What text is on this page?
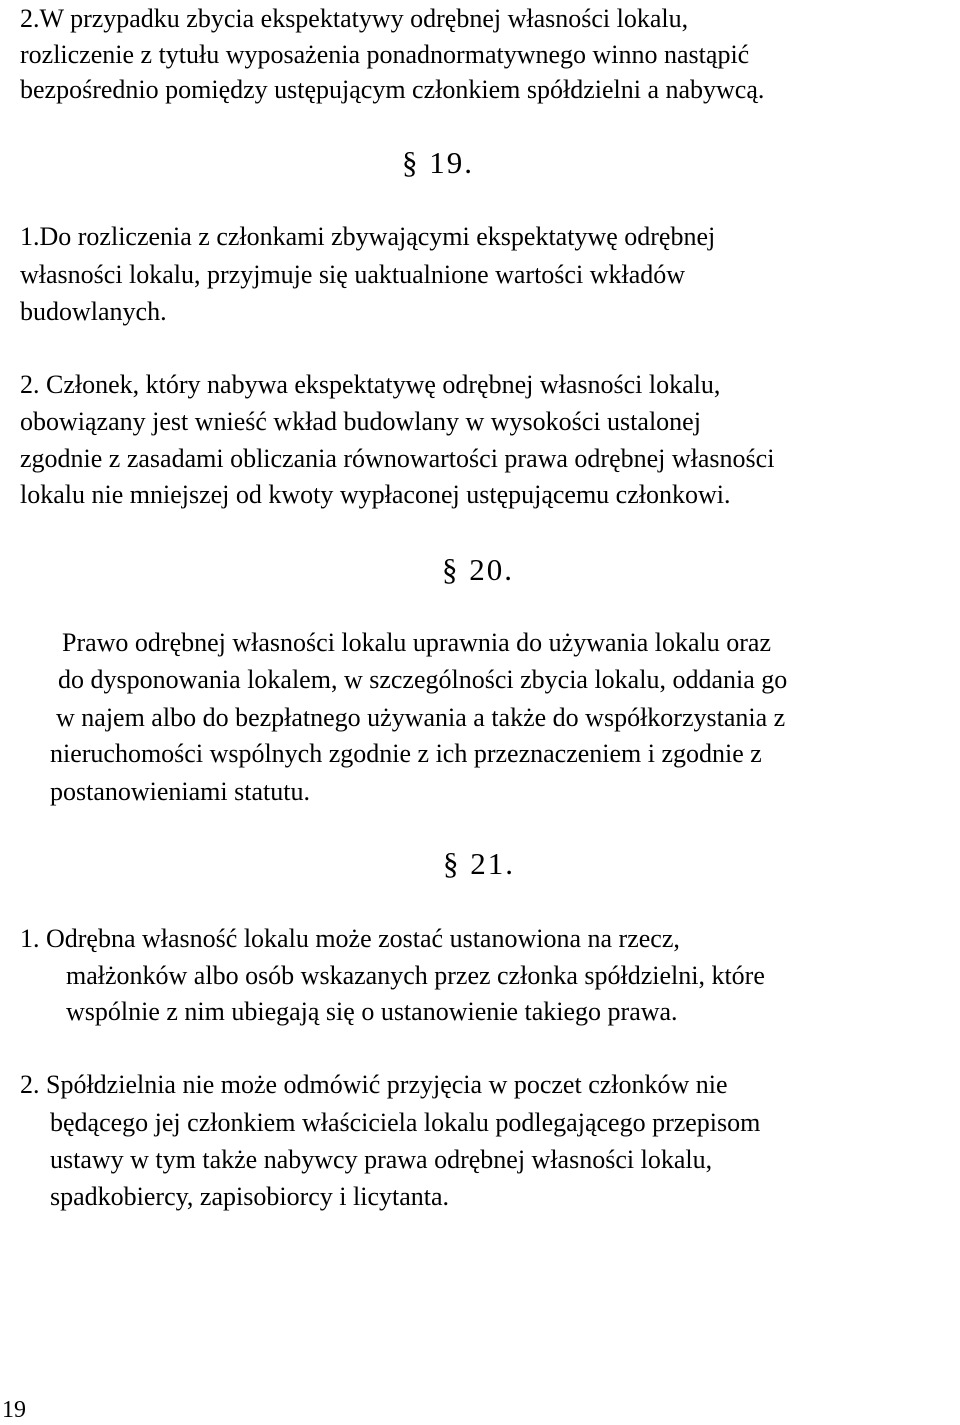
2.W przypadku zbycia ekspektatywy odrębnej własności lokalu,
rozliczenie z tytułu wyposażenia ponadnormatywnego winno nastąpić
bezpośrednio pomiędzy ustępującym członkiem spółdzielni a nabywcą.
§ 19.
1.Do rozliczenia z członkami zbywającymi ekspektatywę odrębnej
własności lokalu, przyjmuje się uaktualnione wartości wkładów
budowlanych.
2. Członek, który nabywa ekspektatywę odrębnej własności lokalu,
obowiązany jest wnieść wkład budowlany w wysokości ustalonej
zgodnie z zasadami obliczania równowartości prawa odrębnej własności
lokalu nie mniejszej od kwoty wypłaconej ustępującemu członkowi.
§ 20.
Prawo odrębnej własności lokalu uprawnia do używania lokalu oraz
do dysponowania lokalem, w szczególności zbycia lokalu, oddania go
w najem albo do bezpłatnego używania a także do współkorzystania z
nieruchomości wspólnych zgodnie z ich przeznaczeniem i zgodnie z
postanowieniami statutu.
§ 21.
1. Odrębna własność lokalu może zostać ustanowiona na rzecz,
małżonków albo osób wskazanych przez członka spółdzielni, które
wspólnie z nim ubiegają się o ustanowienie takiego prawa.
2. Spółdzielnia nie może odmówić przyjęcia w poczet członków nie
będącego jej członkiem właściciela lokalu podlegającego przepisom
ustawy w tym także nabywcy prawa odrębnej własności lokalu,
spadkobiercy, zapisobiorcy i licytanta.
19
